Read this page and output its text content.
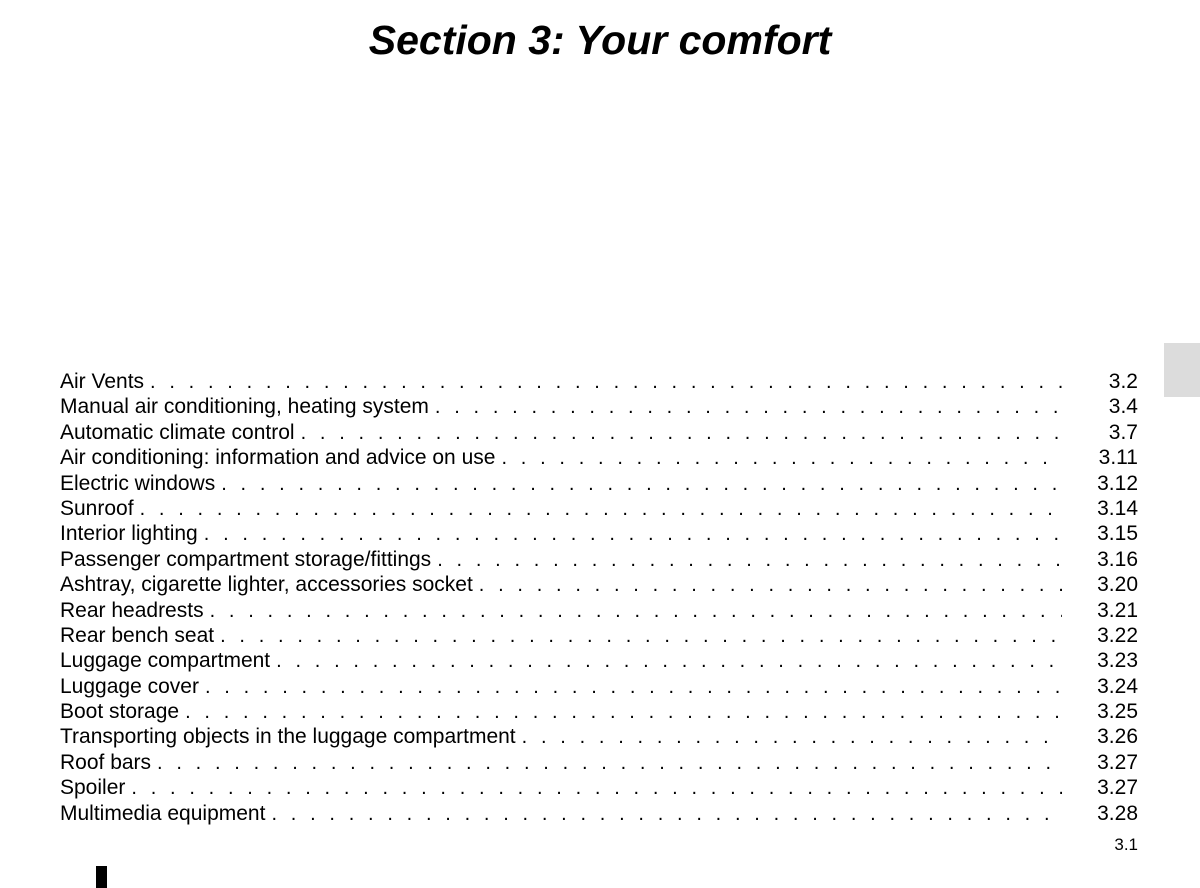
Section 3: Your comfort
Air Vents . . .	3.2
Manual air conditioning, heating system . . .	3.4
Automatic climate control . . .	3.7
Air conditioning: information and advice on use . . .	3.11
Electric windows . . .	3.12
Sunroof . . .	3.14
Interior lighting . . .	3.15
Passenger compartment storage/fittings . . .	3.16
Ashtray, cigarette lighter, accessories socket . . .	3.20
Rear headrests . . .	3.21
Rear bench seat . . .	3.22
Luggage compartment . . .	3.23
Luggage cover . . .	3.24
Boot storage . . .	3.25
Transporting objects in the luggage compartment . . .	3.26
Roof bars . . .	3.27
Spoiler . . .	3.27
Multimedia equipment . . .	3.28
3.1
